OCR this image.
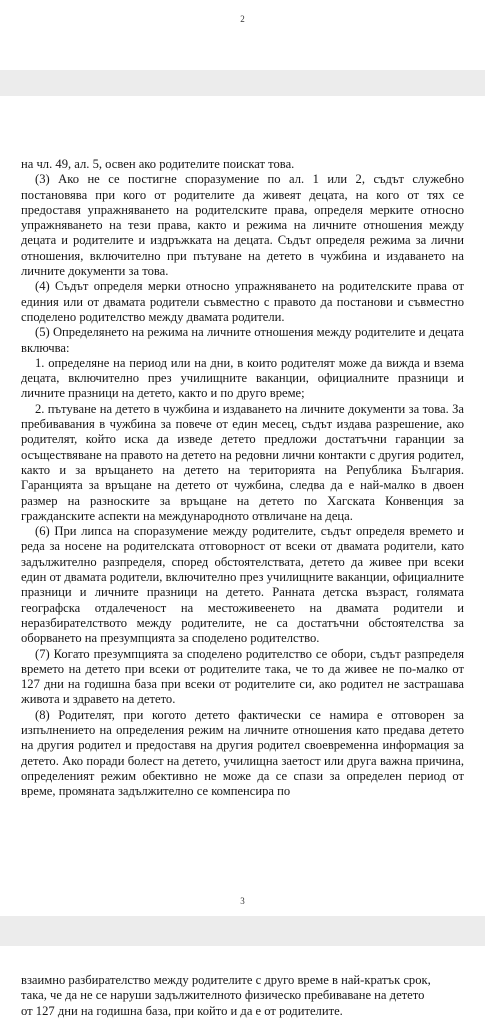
2

на чл. 49, ал. 5, освен ако родителите поискат това.

(3) Ако не се постигне споразумение по ал. 1 или 2, съдът служебно постановява при кого от родителите да живеят децата, на кого от тях се предоставя упражняването на родителските права, определя мерките относно упражняването на тези права, както и режима на личните отношения между децата и родителите и издръжката на децата. Съдът определя режима за лични отношения, включително при пътуване на детето в чужбина и издаването на личните документи за това.

(4) Съдът определя мерки относно упражняването на родителските права от единия или от двамата родители съвместно с правото да постанови и съвместно споделено родителство между двамата родители.

(5) Определянето на режима на личните отношения между родителите и децата включва:

1. определяне на период или на дни, в които родителят може да вижда и взема децата, включително през училищните ваканции, официалните празници и личните празници на детето, както и по друго време;

2. пътуване на детето в чужбина и издаването на личните документи за това. За пребивавания в чужбина за повече от един месец, съдът издава разрешение, ако родителят, който иска да изведе детето предложи достатъчни гаранции за осъществяване на правото на детето на редовни лични контакти с другия родител, както и за връщането на детето на територията на Република България. Гаранцията за връщане на детето от чужбина, следва да е най-малко в двоен размер на разноските за връщане на детето по Хагската Конвенция за гражданските аспекти на международното отвличане на деца.

(6) При липса на споразумение между родителите, съдът определя времето и реда за носене на родителската отговорност от всеки от двамата родители, като задължително разпределя, според обстоятелствата, детето да живее при всеки един от двамата родители, включително през училищните ваканции, официалните празници и личните празници на детето. Ранната детска възраст, голямата географска отдалеченост на местоживеенето на двамата родители и неразбирателството между родителите, не са достатъчни обстоятелства за оборването на презумпцията за споделено родителство.

(7) Когато презумпцията за споделено родителство се обори, съдът разпределя времето на детето при всеки от родителите така, че то да живее не по-малко от 127 дни на годишна база при всеки от родителите си, ако родител не застрашава живота и здравето на детето.

(8) Родителят, при когото детето фактически се намира е отговорен за изпълнението на определения режим на личните отношения като предава детето на другия родител и предоставя на другия родител своевременна информация за детето. Ако поради болест на детето, училищна заетост или друга важна причина, определеният режим обективно не може да се спази за определен период от време, промяната задължително се компенсира по

3

взаимно разбирателство между родителите с друго време в най-кратък срок,

така, че да не се наруши задължителното физическо пребиваване на детето

от 127 дни на годишна база, при който и да е от родителите.
